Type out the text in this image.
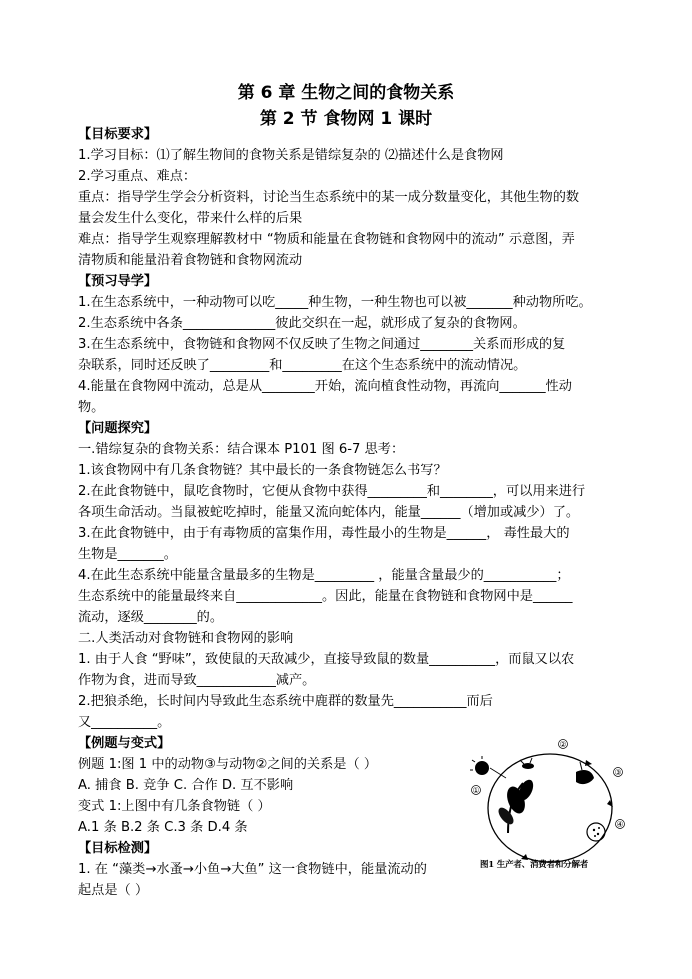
第 6 章 生物之间的食物关系
第 2 节 食物网 1 课时
【目标要求】
1.学习目标：⑴了解生物间的食物关系是错综复杂的 ⑵描述什么是食物网
2.学习重点、难点：
重点：指导学生学会分析资料，讨论当生态系统中的某一成分数量变化，其他生物的数
量会发生什么变化，带来什么样的后果
难点：指导学生观察理解教材中 “物质和能量在食物链和食物网中的流动” 示意图，弄
清物质和能量沿着食物链和食物网流动
【预习导学】
1.在生态系统中，一种动物可以吃_____种生物，一种生物也可以被_______种动物所吃。
2.生态系统中各条______________彼此交织在一起，就形成了复杂的食物网。
3.在生态系统中，食物链和食物网不仅反映了生物之间通过________关系而形成的复
杂联系，同时还反映了_________和_________在这个生态系统中的流动情况。
4.能量在食物网中流动，总是从________开始，流向植食性动物，再流向_______性动
物。
【问题探究】
一.错综复杂的食物关系：结合课本 P101 图 6-7 思考：
1.该食物网中有几条食物链？其中最长的一条食物链怎么书写？
2.在此食物链中，鼠吃食物时，它便从食物中获得_________和________，可以用来进行
各项生命活动。当鼠被蛇吃掉时，能量又流向蛇体内，能量______（增加或减少）了。
3.在此食物链中，由于有毒物质的富集作用，毒性最小的生物是______， 毒性最大的
生物是_______。
4.在此生态系统中能量含量最多的生物是_________ ，能量含量最少的___________；
生态系统中的能量最终来自_____________。因此，能量在食物链和食物网中是______
流动，逐级________的。
二.人类活动对食物链和食物网的影响
1. 由于人食 “野味”，致使鼠的天敌减少，直接导致鼠的数量__________，而鼠又以农
作物为食，进而导致____________减产。
2.把狼杀绝，长时间内导致此生态系统中鹿群的数量先___________而后
又__________。
【例题与变式】
例题 1:图 1 中的动物③与动物②之间的关系是（ ）
A. 捕食 B. 竞争 C. 合作 D. 互不影响
变式 1:上图中有几条食物链（ ）
A.1 条 B.2 条 C.3 条 D.4 条
【目标检测】
1. 在 “藻类→水蚤→小鱼→大鱼” 这一食物链中，能量流动的
起点是（ ）
①
②
③
④
图1 生产者、消费者和分解者
